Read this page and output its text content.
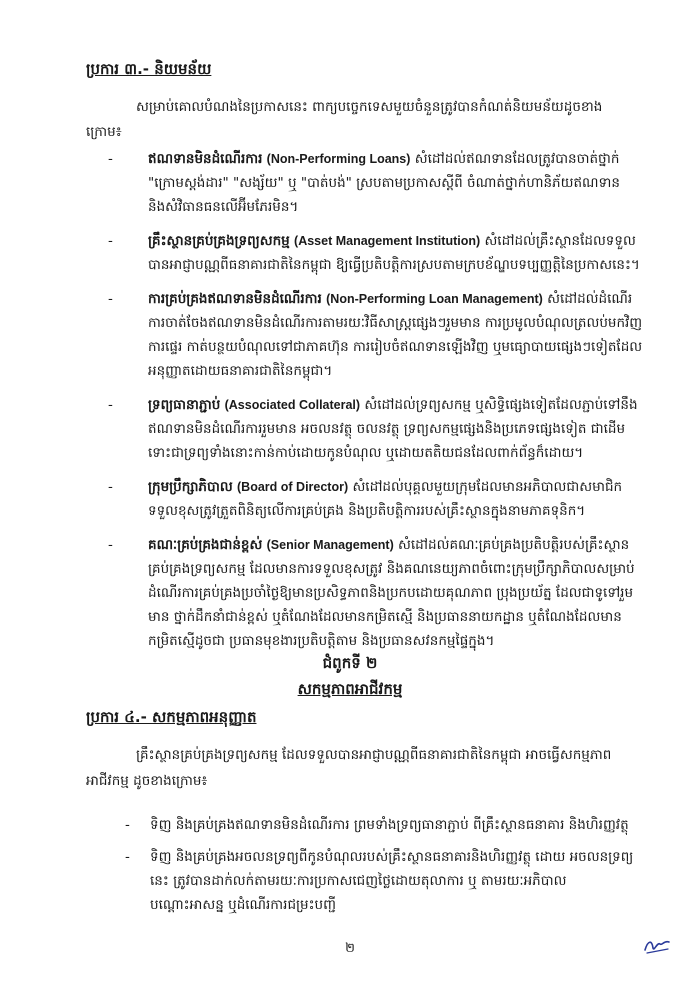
ប្រការ ៣.- និយមន័យ

សម្រាប់គោលបំណងនៃប្រកាសនេះ ពាក្យបច្ចេកទេសមួយចំនួនត្រូវបានកំណត់និយមន័យដូចខាងក្រោម៖

-	ឥណទានមិនដំណើរការ (Non-Performing Loans) សំដៅដល់ឥណទានដែលត្រូវបានចាត់ថ្នាក់ "ក្រោមស្តង់ដារ" "សង្ស័យ" ឬ "បាត់បង់" ស្របតាមប្រកាសស្តីពី ចំណាត់ថ្នាក់ហានិភ័យឥណទាន និងសំវិធានធនលើអ៊ីមភែរមិន។
-	គ្រឹះស្ថានគ្រប់គ្រងទ្រព្យសកម្ម (Asset Management Institution) សំដៅដល់គ្រឹះស្ថានដែលទទួលបានអាជ្ញាបណ្ណពីធនាគារជាតិនៃកម្ពុជា ឱ្យធ្វើប្រតិបត្តិការស្របតាមក្របខ័ណ្ឌបទប្បញ្ញត្តិនៃប្រកាសនេះ។
-	ការគ្រប់គ្រងឥណទានមិនដំណើរការ (Non-Performing Loan Management) សំដៅដល់ដំណើរការចាត់ចែងឥណទានមិនដំណើរការតាមរយៈវិធីសាស្ត្រផ្សេងៗរួមមាន ការប្រមូលបំណុលត្រលប់មកវិញ ការផ្ទេរ កាត់បន្ថយបំណុលទៅជាភាគហ៊ុន ការរៀបចំឥណទានឡើងវិញ ឬមធ្យោបាយផ្សេងៗទៀតដែលអនុញ្ញាតដោយធនាគារជាតិនៃកម្ពុជា។
-	ទ្រព្យធានាភ្ជាប់ (Associated Collateral) សំដៅដល់ទ្រព្យសកម្ម ឬសិទ្ធិផ្សេងទៀតដែលភ្ជាប់ទៅនឹងឥណទានមិនដំណើរការរួមមាន អចលនវត្ថុ ចលនវត្ថុ ទ្រព្យសកម្មផ្សេងនិងប្រភេទផ្សេងទៀត ជាដើម ទោះជាទ្រព្យទាំងនោះកាន់កាប់ដោយកូនបំណុល ឬដោយតតិយជនដែលពាក់ព័ន្ធក៏ដោយ។
-	ក្រុមប្រឹក្សាភិបាល (Board of Director) សំដៅដល់បុគ្គលមួយក្រុមដែលមានអភិបាលជាសមាជិកទទួលខុសត្រូវត្រួតពិនិត្យលើការគ្រប់គ្រង និងប្រតិបត្តិការរបស់គ្រឹះស្ថានក្នុងនាមភាគទុនិក។
-	គណៈគ្រប់គ្រងជាន់ខ្ពស់ (Senior Management) សំដៅដល់គណៈគ្រប់គ្រងប្រតិបត្តិរបស់គ្រឹះស្ថានគ្រប់គ្រងទ្រព្យសកម្ម ដែលមានការទទួលខុសត្រូវ និងគណនេយ្យភាពចំពោះក្រុមប្រឹក្សាភិបាលសម្រាប់ដំណើរការគ្រប់គ្រងប្រចាំថ្ងៃឱ្យមានប្រសិទ្ធភាពនិងប្រកបដោយគុណភាព ប្រុងប្រយ័ត្ន ដែលជាទូទៅរួមមាន ថ្នាក់ដឹកនាំជាន់ខ្ពស់ ឬតំណែងដែលមានកម្រិតស្មើ និងប្រធាននាយកដ្ឋាន ឬតំណែងដែលមានកម្រិតស្មើដូចជា ប្រធានមុខងារប្រតិបត្តិតាម និងប្រធានសវនកម្មផ្ទៃក្នុង។
ជំពូកទី ២
សកម្មភាពអាជីវកម្ម
ប្រការ ៤.- សកម្មភាពអនុញ្ញាត

គ្រឹះស្ថានគ្រប់គ្រងទ្រព្យសកម្ម ដែលទទួលបានអាជ្ញាបណ្ណពីធនាគារជាតិនៃកម្ពុជា អាចធ្វើសកម្មភាពអាជីវកម្ម ដូចខាងក្រោម៖

- ទិញ និងគ្រប់គ្រងឥណទានមិនដំណើរការ ព្រមទាំងទ្រព្យធានាភ្ជាប់ ពីគ្រឹះស្ថានធនាគារ និងហិរញ្ញវត្ថុ
- ទិញ និងគ្រប់គ្រងអចលនទ្រព្យពីកូនបំណុលរបស់គ្រឹះស្ថានធនាគារនិងហិរញ្ញវត្ថុ ដោយ អចលនទ្រព្យនេះ ត្រូវបានដាក់លក់តាមរយៈការប្រកាសជេញថ្លៃដោយតុលាការ ឬ តាមរយៈអភិបាលបណ្ដោះអាសន្ន ឬដំណើរការជម្រះបញ្ជី
២
